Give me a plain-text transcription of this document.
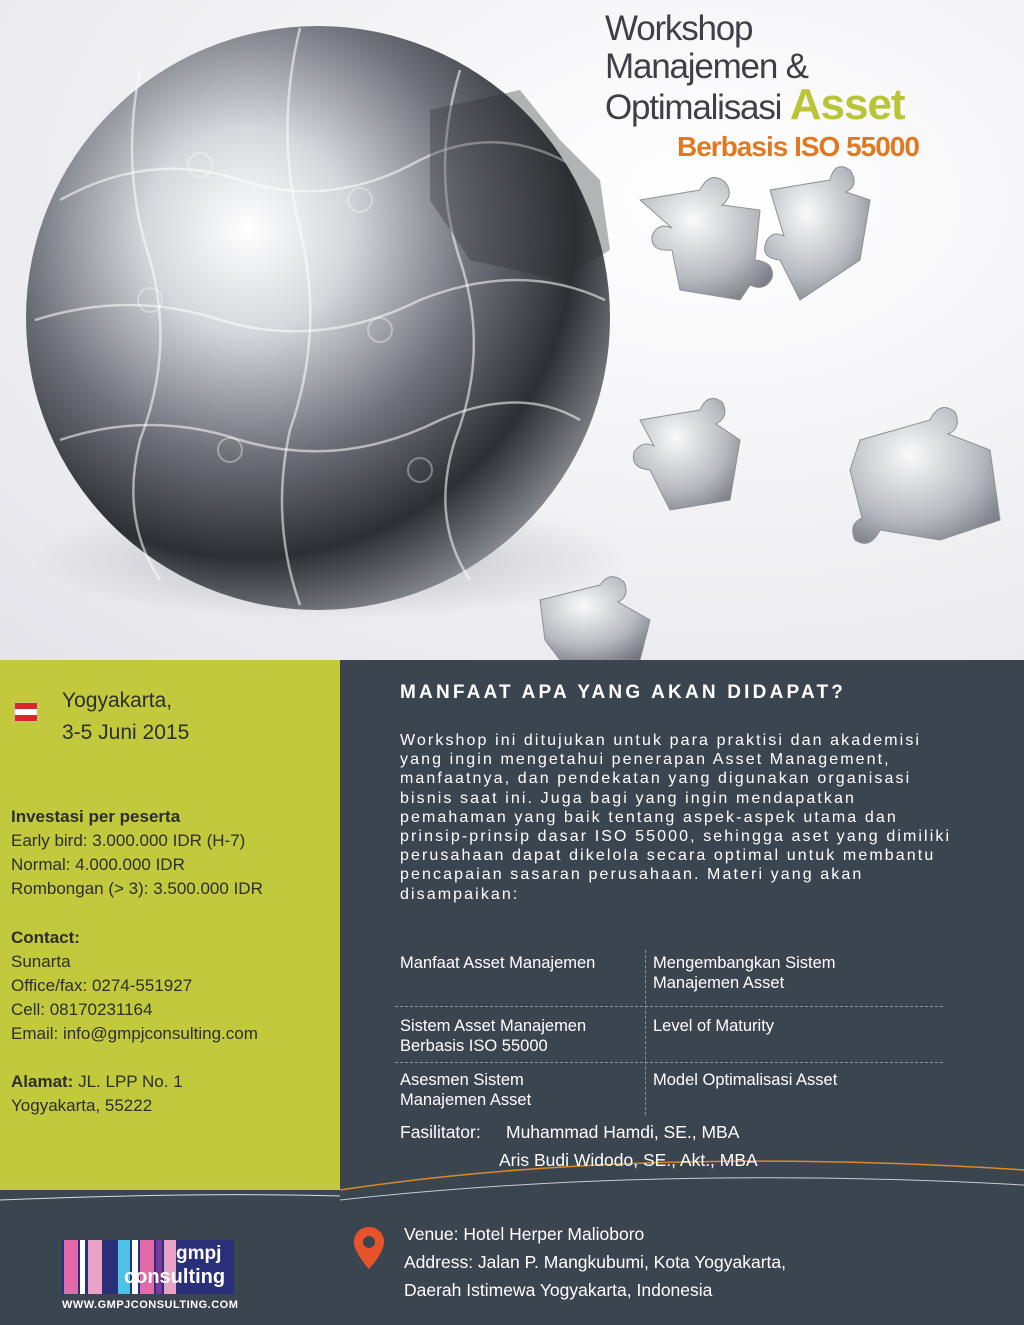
Workshop
Manajemen &
Optimalisasi Asset
Berbasis ISO 55000
Yogyakarta,
3-5 Juni 2015
Investasi per peserta
Early bird: 3.000.000 IDR (H-7)
Normal: 4.000.000 IDR
Rombongan (> 3): 3.500.000 IDR
Contact:
Sunarta
Office/fax: 0274-551927
Cell: 08170231164
Email: info@gmpjconsulting.com
Alamat: JL. LPP No. 1
Yogyakarta, 55222
MANFAAT APA YANG AKAN DIDAPAT?
Workshop ini ditujukan untuk para praktisi dan akademisi yang ingin mengetahui penerapan Asset Management, manfaatnya, dan pendekatan yang digunakan organisasi bisnis saat ini. Juga bagi yang ingin mendapatkan pemahaman yang baik tentang aspek-aspek utama dan prinsip-prinsip dasar ISO 55000, sehingga aset yang dimiliki perusahaan dapat dikelola secara optimal untuk membantu pencapaian sasaran perusahaan. Materi yang akan disampaikan:
Manfaat Asset Manajemen	Mengembangkan Sistem Manajemen Asset
Sistem Asset Manajemen Berbasis ISO 55000
Level of Maturity
Asesmen Sistem Manajemen Asset
Model Optimalisasi Asset
Fasilitator: Muhammad Hamdi, SE., MBA
Aris Budi Widodo, SE., Akt., MBA
gmpj
consulting
WWW.GMPJCONSULTING.COM
Venue: Hotel Herper Malioboro
Address: Jalan P. Mangkubumi, Kota Yogyakarta,
Daerah Istimewa Yogyakarta, Indonesia
